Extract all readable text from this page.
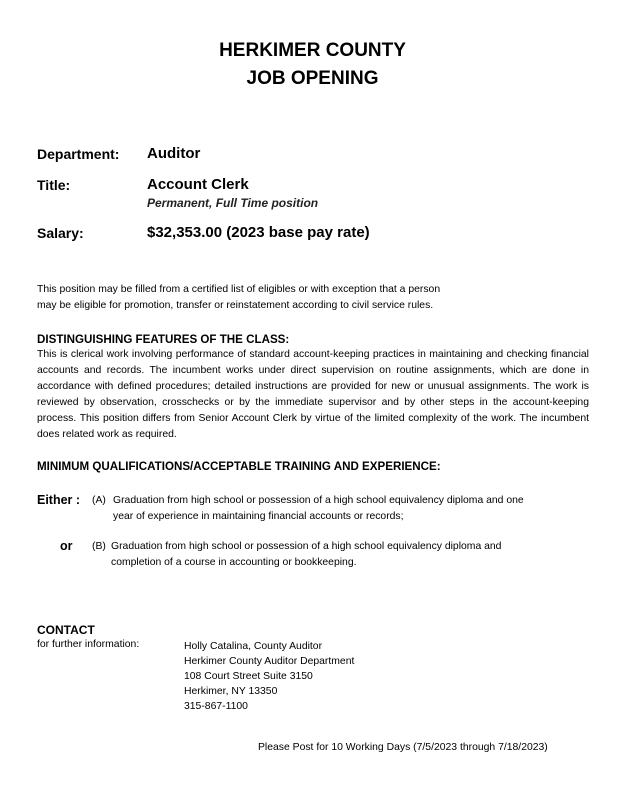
HERKIMER COUNTY
JOB OPENING
Department: Auditor
Title:	Account Clerk
Permanent, Full Time position
Salary:	$32,353.00 (2023 base pay rate)
This position may be filled from a certified list of eligibles or with exception that a person
may be eligible for promotion, transfer or reinstatement according to civil service rules.
DISTINGUISHING FEATURES OF THE CLASS:
This is clerical work involving performance of standard account-keeping practices in maintaining and checking financial accounts and records. The incumbent works under direct supervision on routine assignments, which are done in accordance with defined procedures; detailed instructions are provided for new or unusual assignments. The work is reviewed by observation, crosschecks or by the immediate supervisor and by other steps in the account-keeping process. This position differs from Senior Account Clerk by virtue of the limited complexity of the work. The incumbent does related work as required.
MINIMUM QUALIFICATIONS/ACCEPTABLE TRAINING AND EXPERIENCE:
Either : (A) Graduation from high school or possession of a high school equivalency diploma and one
year of experience in maintaining financial accounts or records;
or (B) Graduation from high school or possession of a high school equivalency diploma and
completion of a course in accounting or bookkeeping.
CONTACT
for further information:	Holly Catalina, County Auditor
Herkimer County Auditor Department
108 Court Street Suite 3150
Herkimer, NY 13350
315-867-1100
Please Post for 10 Working Days (7/5/2023 through 7/18/2023)
